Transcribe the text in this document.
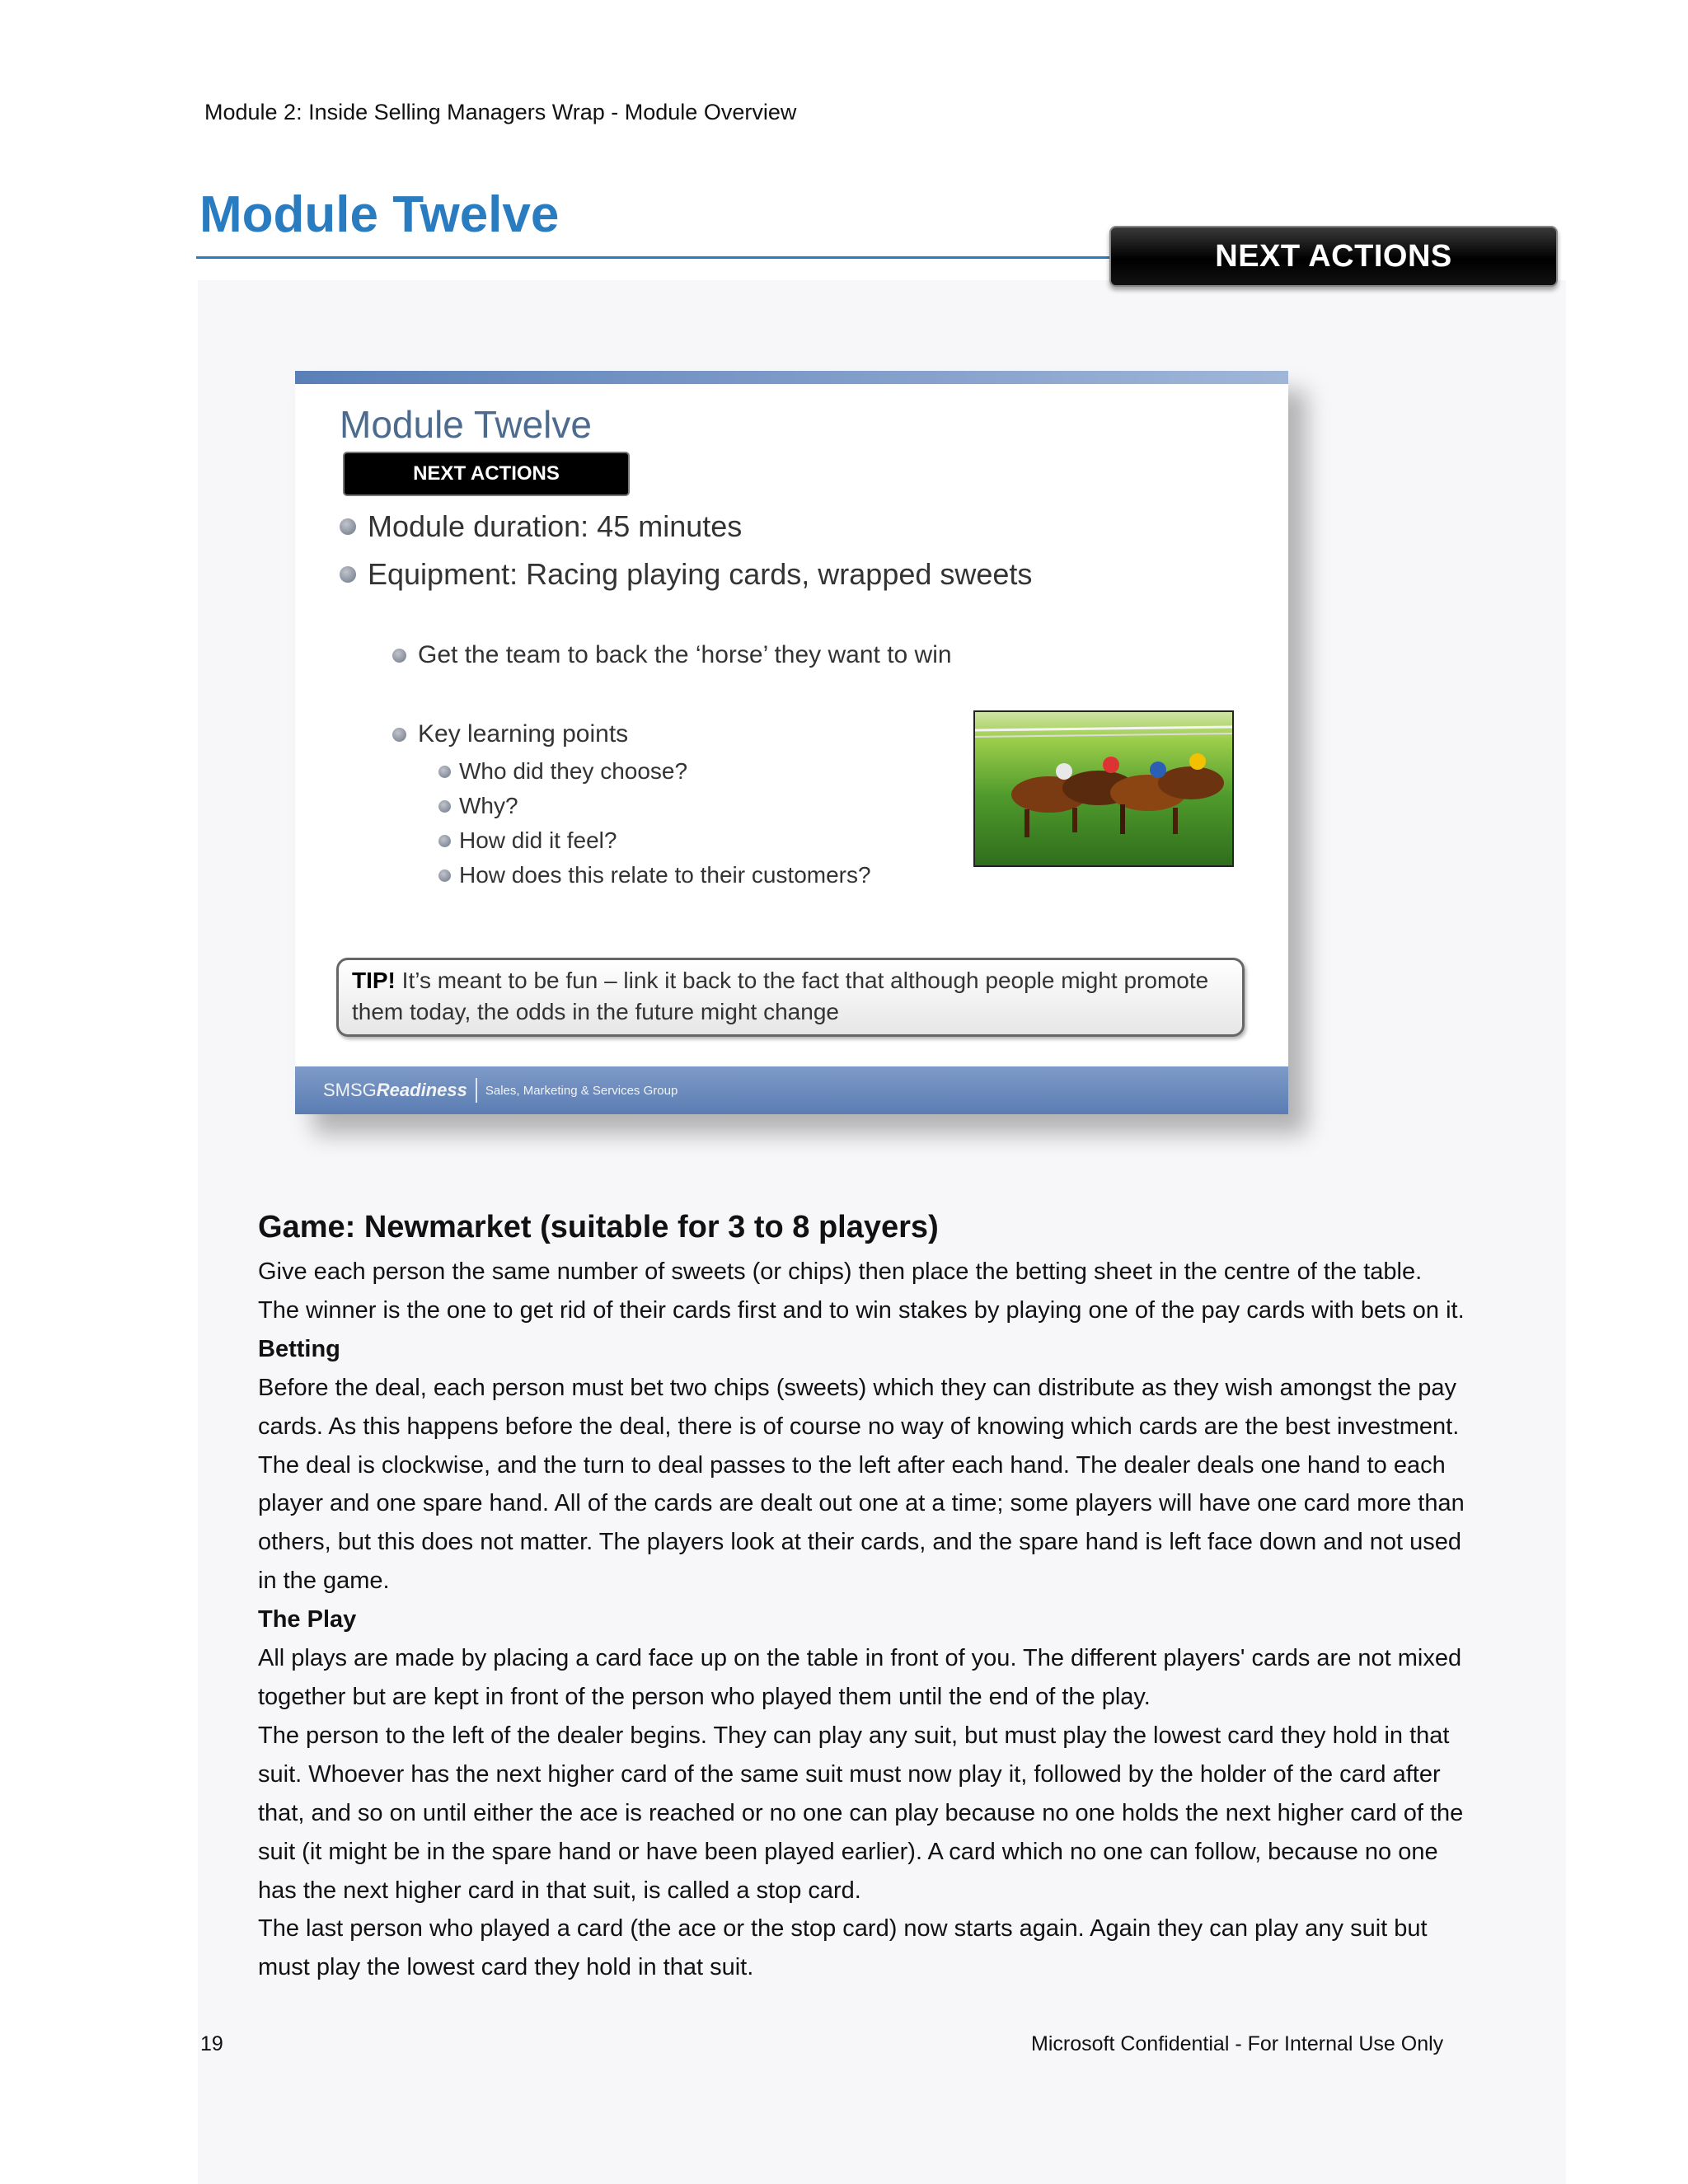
Module 2: Inside Selling Managers Wrap - Module Overview
Module Twelve
NEXT ACTIONS
Module Twelve
NEXT ACTIONS
Module duration: 45 minutes
Equipment: Racing playing cards, wrapped sweets
Get the team to back the ‘horse’ they want to win
Key learning points
Who did they choose?
Why?
How did it feel?
How does this relate to their customers?
TIP! It’s meant to be fun – link it back to the fact that although people might promote them today, the odds in the future might change
SMSGReadiness Sales, Marketing & Services Group
Game: Newmarket (suitable for 3 to 8 players)

Give each person the same number of sweets (or chips) then place the betting sheet in the centre of the table.

The winner is the one to get rid of their cards first and to win stakes by playing one of the pay cards with bets on it.

Betting

Before the deal, each person must bet two chips (sweets) which they can distribute as they wish amongst the pay

cards. As this happens before the deal, there is of course no way of knowing which cards are the best investment.

The deal is clockwise, and the turn to deal passes to the left after each hand. The dealer deals one hand to each

player and one spare hand. All of the cards are dealt out one at a time; some players will have one card more than

others, but this does not matter. The players look at their cards, and the spare hand is left face down and not used

in the game.

The Play

All plays are made by placing a card face up on the table in front of you. The different players' cards are not mixed

together but are kept in front of the person who played them until the end of the play.

The person to the left of the dealer begins. They can play any suit, but must play the lowest card they hold in that

suit. Whoever has the next higher card of the same suit must now play it, followed by the holder of the card after

that, and so on until either the ace is reached or no one can play because no one holds the next higher card of the

suit (it might be in the spare hand or have been played earlier). A card which no one can follow, because no one

has the next higher card in that suit, is called a stop card.

The last person who played a card (the ace or the stop card) now starts again. Again they can play any suit but

must play the lowest card they hold in that suit.

19	Microsoft Confidential - For Internal Use Only
